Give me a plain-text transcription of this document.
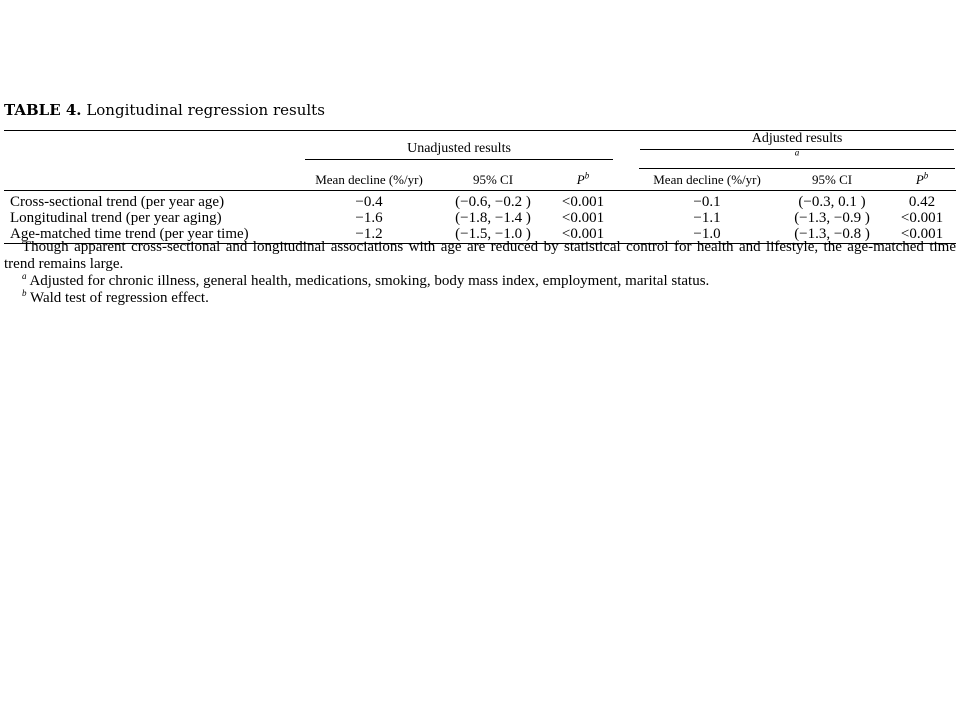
TABLE 4. Longitudinal regression results

	Unadjusted results				Adjusted results
$^a$

	Mean decline (%/yr)	95% CI	$P^b$		Mean decline (%/yr)	95% CI	$P^b$
Cross-sectional trend (per year age)	−0.4	(−0.6, −0.2 )	<0.001		−0.1	(−0.3, 0.1 )	0.42
Longitudinal trend (per year aging)	−1.6	(−1.8, −1.4 )	<0.001		−1.1	(−1.3, −0.9 )	<0.001
Age-matched time trend (per year time)	−1.2	(−1.5, −1.0 )	<0.001		−1.0	(−1.3, −0.8 )	<0.001

Though apparent cross-sectional and longitudinal associations with age are reduced by statistical control for health and lifestyle, the age-matched time trend remains large.

$^a$ Adjusted for chronic illness, general health, medications, smoking, body mass index, employment, marital status.

$^b$ Wald test of regression effect.
